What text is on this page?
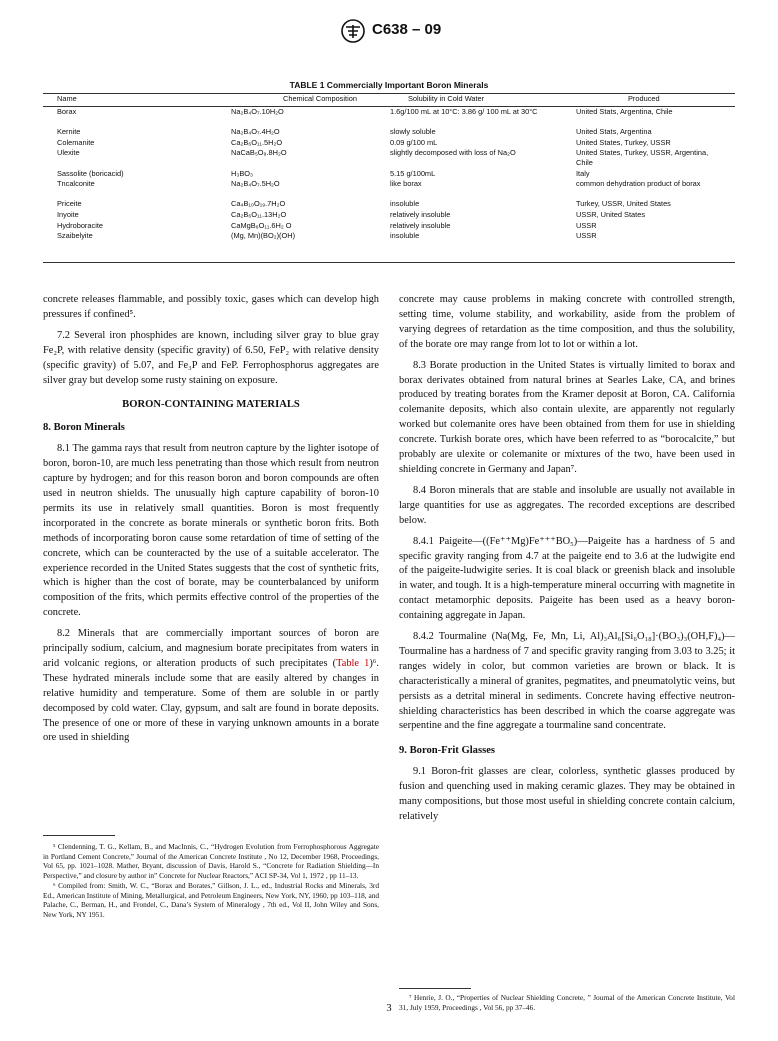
C638 – 09
TABLE 1 Commercially Important Boron Minerals
Name	Chemical Composition	Solubility in Cold Water	Produced
Borax	Na₂B₄O₇.10H₂O	1.6g/100 mL at 10°C: 3.86 g/ 100 mL at 30°C	United Stats, Argentina, Chile
Kernite	Na₂B₄O₇.4H₂O	slowly soluble	United Stats, Argentina
Colemanite	Ca₂B₆O₁₁.5H₂O	0.09 g/100 mL	United States, Turkey, USSR
Ulexite	NaCaB₅O₉.8H₂O	slightly decomposed with loss of Na₂O	United States, Turkey, USSR, Argentina, Chile
Sassolite (boricacid)	H₃BO₃	5.15 g/100mL	Italy
Tncalconite	Na₂B₄O₇.5H₂O	like borax	common dehydration product of borax
Priceite	Ca₄B₁₀O₁₉.7H₂O	insoluble	Turkey, USSR, United States
Inyoite	Ca₂B₆O₁₁.13H₂O	relatively insoluble	USSR, United States
Hydroboracite	CaMgB₆O₁₁.6H₂ O	relatively insoluble	USSR
Szaibelyite	(Mg, Mn)(BO₂)(OH)	insoluble	USSR

concrete releases flammable, and possibly toxic, gases which can develop high pressures if confined⁵.

7.2 Several iron phosphides are known, including silver gray to blue gray Fe₂P, with relative density (specific gravity) of 6.50, FeP₂ with relative density (specific gravity) of 5.07, and Fe₃P and FeP. Ferrophosphorus aggregates are silver gray but develop some rusty staining on exposure.

BORON-CONTAINING MATERIALS
8. Boron Minerals

8.1 The gamma rays that result from neutron capture by the lighter isotope of boron, boron-10, are much less penetrating than those which result from neutron capture by hydrogen; and for this reason boron and boron compounds are often used in neutron shields. The unusually high capture capability of boron-10 permits its use in relatively small quantities. Boron is most frequently incorporated in the concrete as borate minerals or synthetic boron frits. Both methods of incorporating boron cause some retardation of time of setting of the concrete, which can be counteracted by the use of a suitable accelerator. The experience recorded in the United States suggests that the cost of synthetic frits, which is higher than the cost of borate, may be counterbalanced by uniform composition of the frits, which permits effective control of the properties of the concrete.

8.2 Minerals that are commercially important sources of boron are principally sodium, calcium, and magnesium borate precipitates from waters in arid volcanic regions, or alteration products of such precipitates (Table 1)⁶. These hydrated minerals include some that are easily altered by changes in relative humidity and temperature. Some of them are soluble in or partly decomposed by cold water. Clay, gypsum, and salt are found in borate deposits. The presence of one or more of these in varying unknown amounts in a borate ore used in shielding

⁵ Clendenning, T. G., Kellam, B., and MacInnis, C., “Hydrogen Evolution from Ferrophosphorous Aggregate in Portland Cement Concrete,” Journal of the American Concrete Institute , No 12, December 1968, Proceedings, Vol 65, pp. 1021–1028. Mather, Bryant, discussion of Davis, Harold S., “Concrete for Radiation Shielding—In Perspective,” and closure by author in” Concrete for Nuclear Reactors,” ACI SP-34, Vol 1, 1972 , pp 11–13.

⁶ Compiled from: Smith, W. C., “Borax and Borates,” Gillson, J. L., ed., Industrial Rocks and Minerals, 3rd Ed., American Institute of Mining, Metallurgical, and Petroleum Engineers, New York, NY, 1960, pp 103–118, and Palache, C., Berman, H., and Frondel, C., Dana’s System of Mineralogy , 7th ed., Vol II, John Wiley and Sons, New York, NY 1951.

concrete may cause problems in making concrete with controlled strength, setting time, volume stability, and workability, aside from the problem of varying degrees of retardation as the time composition, and thus the solubility, of the borate ore may range from lot to lot or within a lot.

8.3 Borate production in the United States is virtually limited to borax and borax derivates obtained from natural brines at Searles Lake, CA, and brines produced by treating borates from the Kramer deposit at Boron, CA. California colemanite deposits, which also contain ulexite, are apparently not regularly worked but colemanite ores have been obtained from them for use in shielding concrete. Turkish borate ores, which have been referred to as “borocalcite,” but probably are ulexite or colemanite or mixtures of the two, have been used in shielding concrete in Germany and Japan⁷.

8.4 Boron minerals that are stable and insoluble are usually not available in large quantities for use as aggregates. The recorded exceptions are described below.

8.4.1 Paigeite—((Fe⁺⁺Mg)Fe⁺⁺⁺BO₅)—Paigeite has a hardness of 5 and specific gravity ranging from 4.7 at the paigeite end to 3.6 at the ludwigite end of the paigeite-ludwigite series. It is coal black or greenish black and insoluble in water, and tough. It is a high-temperature mineral occurring with magnetite in contact metamorphic deposits. Paigeite has been used as a heavy boron-containing aggregate in Japan.

8.4.2 Tourmaline (Na(Mg, Fe, Mn, Li, Al)₃Al₆[Si₆O₁₈]·(BO₃)₃(OH,F)₄)—Tourmaline has a hardness of 7 and specific gravity ranging from 3.03 to 3.25; it ranges widely in color, but common varieties are brown or black. It is characteristically a mineral of granites, pegmatites, and pneumatolytic veins, but persists as a detrital mineral in sediments. Concrete having effective neutron-shielding characteristics has been described in which the coarse aggregate was serpentine and the fine aggregate a tourmaline sand concentrate.

9. Boron-Frit Glasses

9.1 Boron-frit glasses are clear, colorless, synthetic glasses produced by fusion and quenching used in making ceramic glazes. They may be obtained in many compositions, but those most useful in shielding concrete contain calcium, relatively

⁷ Henrie, J. O., “Properties of Nuclear Shielding Concrete, ” Journal of the American Concrete Institute, Vol 31, July 1959, Proceedings , Vol 56, pp 37–46.

3
